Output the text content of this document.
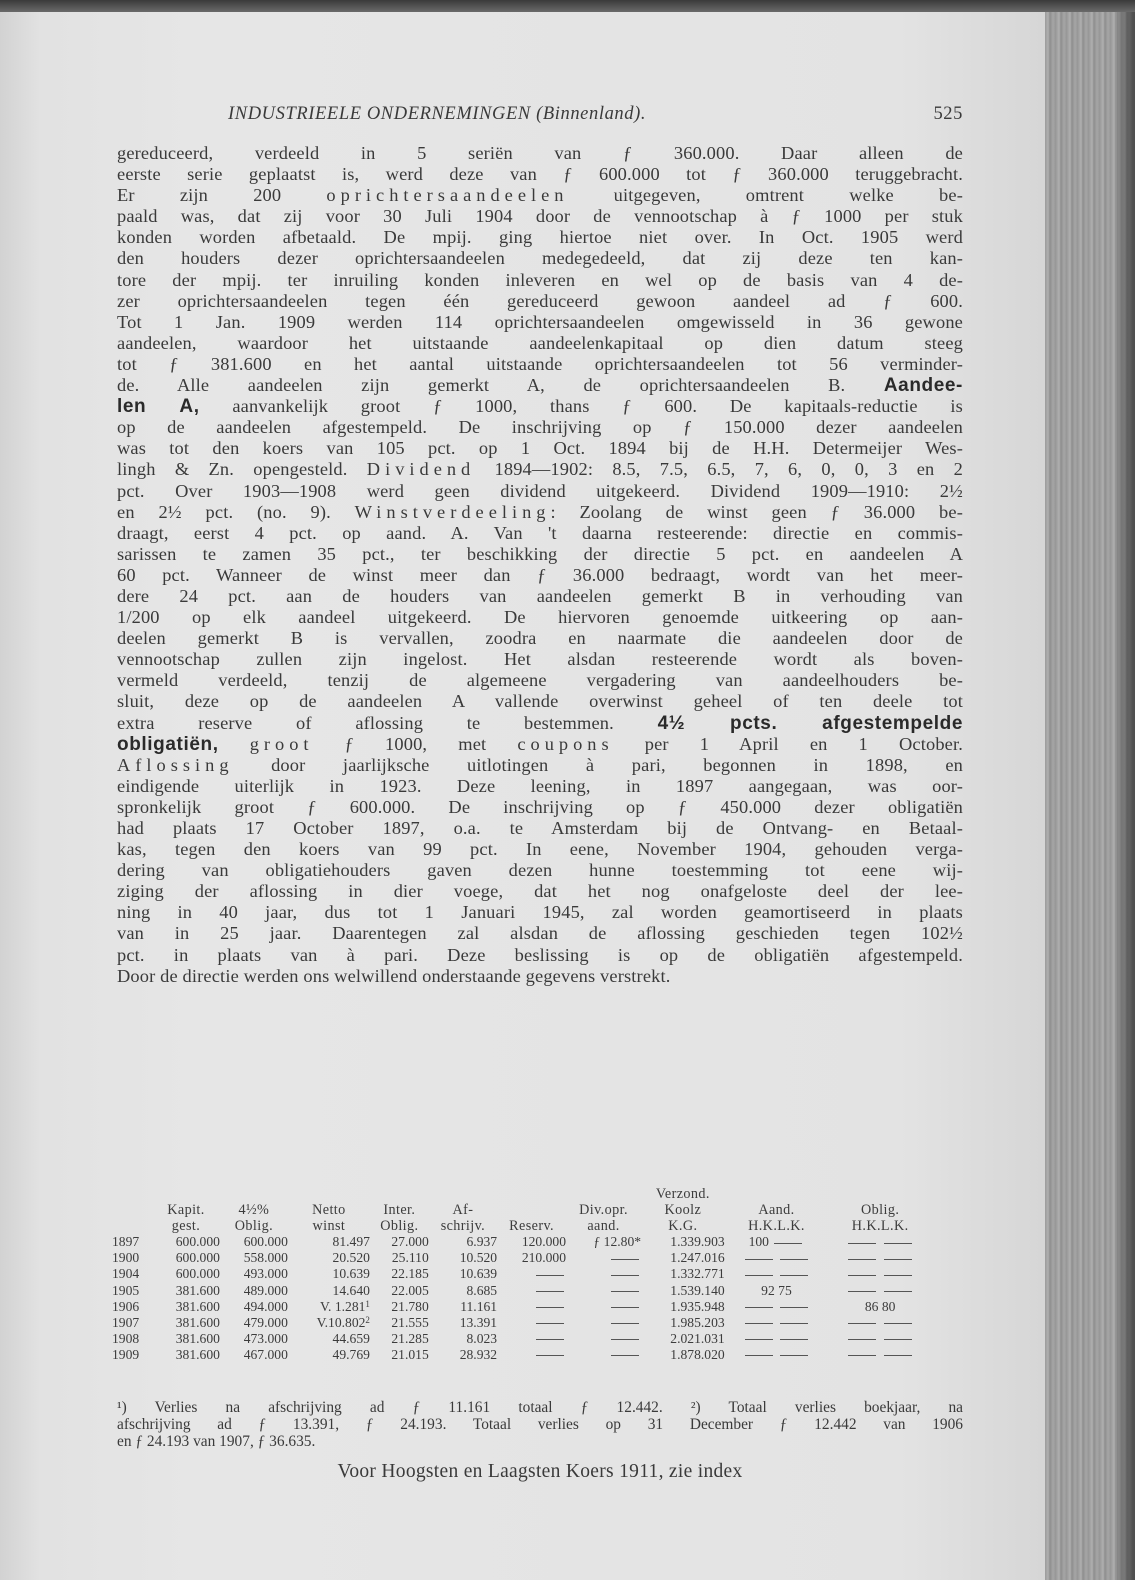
INDUSTRIEELE ONDERNEMINGEN (Binnenland).	525
gereduceerd, verdeeld in 5 seriën van ƒ 360.000. Daar alleen de
eerste serie geplaatst is, werd deze van ƒ 600.000 tot ƒ 360.000 teruggebracht.
Er zijn 200 oprichtersaandeelen uitgegeven, omtrent welke be-
paald was, dat zij voor 30 Juli 1904 door de vennootschap à ƒ 1000 per stuk
konden worden afbetaald. De mpij. ging hiertoe niet over. In Oct. 1905 werd
den houders dezer oprichtersaandeelen medegedeeld, dat zij deze ten kan-
tore der mpij. ter inruiling konden inleveren en wel op de basis van 4 de-
zer oprichtersaandeelen tegen één gereduceerd gewoon aandeel ad ƒ 600.
Tot 1 Jan. 1909 werden 114 oprichtersaandeelen omgewisseld in 36 gewone
aandeelen, waardoor het uitstaande aandeelenkapitaal op dien datum steeg
tot ƒ 381.600 en het aantal uitstaande oprichtersaandeelen tot 56 verminder-
de. Alle aandeelen zijn gemerkt A, de oprichtersaandeelen B. Aandee-
len A, aanvankelijk groot ƒ 1000, thans ƒ 600. De kapitaals-reductie is
op de aandeelen afgestempeld. De inschrijving op ƒ 150.000 dezer aandeelen
was tot den koers van 105 pct. op 1 Oct. 1894 bij de H.H. Determeijer Wes-
lingh & Zn. opengesteld. Dividend 1894—1902: 8.5, 7.5, 6.5, 7, 6, 0, 0, 3 en 2
pct. Over 1903—1908 werd geen dividend uitgekeerd. Dividend 1909—1910: 2½
en 2½ pct. (no. 9). Winstverdeeling: Zoolang de winst geen ƒ 36.000 be-
draagt, eerst 4 pct. op aand. A. Van 't daarna resteerende: directie en commis-
sarissen te zamen 35 pct., ter beschikking der directie 5 pct. en aandeelen A
60 pct. Wanneer de winst meer dan ƒ 36.000 bedraagt, wordt van het meer-
dere 24 pct. aan de houders van aandeelen gemerkt B in verhouding van
1/200 op elk aandeel uitgekeerd. De hiervoren genoemde uitkeering op aan-
deelen gemerkt B is vervallen, zoodra en naarmate die aandeelen door de
vennootschap zullen zijn ingelost. Het alsdan resteerende wordt als boven-
vermeld verdeeld, tenzij de algemeene vergadering van aandeelhouders be-
sluit, deze op de aandeelen A vallende overwinst geheel of ten deele tot
extra reserve of aflossing te bestemmen. 4½ pcts. afgestempelde
obligatiën, groot ƒ 1000, met coupons per 1 April en 1 October.
Aflossing door jaarlijksche uitlotingen à pari, begonnen in 1898, en
eindigende uiterlijk in 1923. Deze leening, in 1897 aangegaan, was oor-
spronkelijk groot ƒ 600.000. De inschrijving op ƒ 450.000 dezer obligatiën
had plaats 17 October 1897, o.a. te Amsterdam bij de Ontvang- en Betaal-
kas, tegen den koers van 99 pct. In eene, November 1904, gehouden verga-
dering van obligatiehouders gaven dezen hunne toestemming tot eene wij-
ziging der aflossing in dier voege, dat het nog onafgeloste deel der lee-
ning in 40 jaar, dus tot 1 Januari 1945, zal worden geamortiseerd in plaats
van in 25 jaar. Daarentegen zal alsdan de aflossing geschieden tegen 102½
pct. in plaats van à pari. Deze beslissing is op de obligatiën afgestempeld.
Door de directie werden ons welwillend onderstaande gegevens verstrekt.
								Verzond.		
	Kapit.	4½%	Netto	Inter.	Af-		Div.opr.	Koolz	Aand.	Oblig.
	gest.	Oblig.	winst	Oblig.	schrijv.	Reserv.	aand.	K.G.	H.K.L.K.	H.K.L.K.
1897	600.000	600.000	81.497	27.000	6.937	120.000	ƒ 12.80*	1.339.903	100	
1900	600.000	558.000	20.520	25.110	10.520	210.000		1.247.016		
1904	600.000	493.000	10.639	22.185	10.639			1.332.771		
1905	381.600	489.000	14.640	22.005	8.685			1.539.140	92 75	
1906	381.600	494.000	V. 1.281$^1$	21.780	11.161			1.935.948		86 80
1907	381.600	479.000	V.10.802$^2$	21.555	13.391			1.985.203		
1908	381.600	473.000	44.659	21.285	8.023			2.021.031		
1909	381.600	467.000	49.769	21.015	28.932			1.878.020		
¹) Verlies na afschrijving ad ƒ 11.161 totaal ƒ 12.442. ²) Totaal verlies boekjaar, na
afschrijving ad ƒ 13.391, ƒ 24.193. Totaal verlies op 31 December ƒ 12.442 van 1906
en ƒ 24.193 van 1907, ƒ 36.635.
Voor Hoogsten en Laagsten Koers 1911, zie index
